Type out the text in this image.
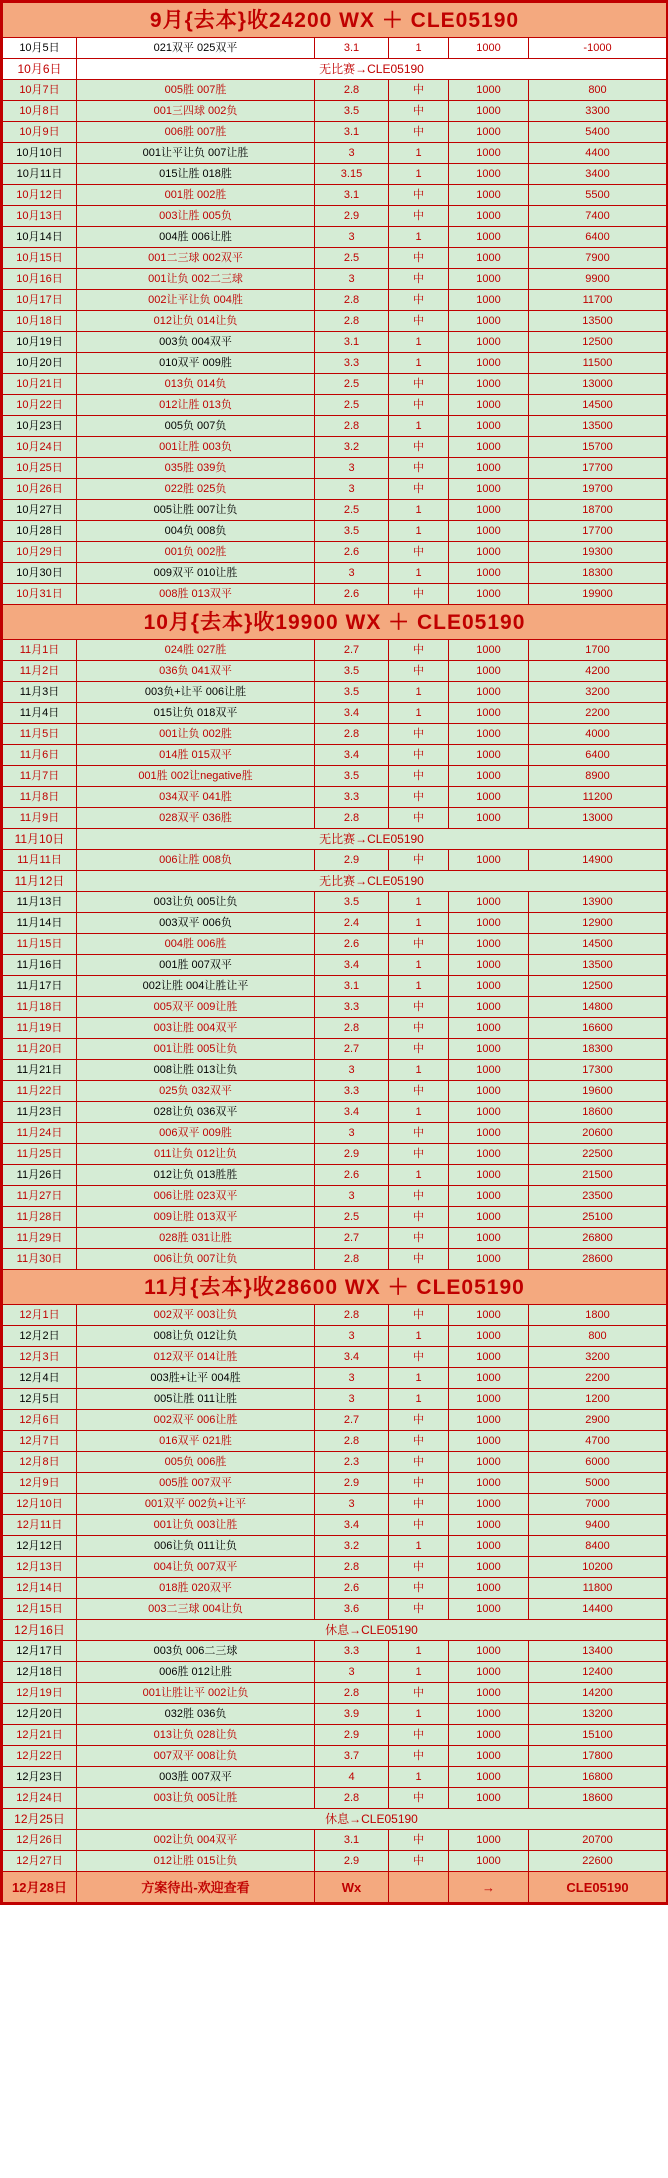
9月{去本}收24200 WX ＋ CLE05190					
10月5日	021双平 025双平	3.1	1	1000	-1000
10月6日	无比赛→CLE05190				
10月7日	005胜 007胜	2.8	中	1000	800
10月8日	001三四球 002负	3.5	中	1000	3300
10月9日	006胜 007胜	3.1	中	1000	5400
10月10日	001让平让负 007让胜	3	1	1000	4400
10月11日	015让胜 018胜	3.15	1	1000	3400
10月12日	001胜 002胜	3.1	中	1000	5500
10月13日	003让胜 005负	2.9	中	1000	7400
10月14日	004胜 006让胜	3	1	1000	6400
10月15日	001二三球 002双平	2.5	中	1000	7900
10月16日	001让负 002二三球	3	中	1000	9900
10月17日	002让平让负 004胜	2.8	中	1000	11700
10月18日	012让负 014让负	2.8	中	1000	13500
10月19日	003负 004双平	3.1	1	1000	12500
10月20日	010双平 009胜	3.3	1	1000	11500
10月21日	013负 014负	2.5	中	1000	13000
10月22日	012让胜 013负	2.5	中	1000	14500
10月23日	005负 007负	2.8	1	1000	13500
10月24日	001让胜 003负	3.2	中	1000	15700
10月25日	035胜 039负	3	中	1000	17700
10月26日	022胜 025负	3	中	1000	19700
10月27日	005让胜 007让负	2.5	1	1000	18700
10月28日	004负 008负	3.5	1	1000	17700
10月29日	001负 002胜	2.6	中	1000	19300
10月30日	009双平 010让胜	3	1	1000	18300
10月31日	008胜 013双平	2.6	中	1000	19900
10月{去本}收19900 WX ＋ CLE05190					
11月1日	024胜 027胜	2.7	中	1000	1700
11月2日	036负 041双平	3.5	中	1000	4200
11月3日	003负+让平 006让胜	3.5	1	1000	3200
11月4日	015让负 018双平	3.4	1	1000	2200
11月5日	001让负 002胜	2.8	中	1000	4000
11月6日	014胜 015双平	3.4	中	1000	6400
11月7日	001胜 002让negative胜	3.5	中	1000	8900
11月8日	034双平 041胜	3.3	中	1000	11200
11月9日	028双平 036胜	2.8	中	1000	13000
11月10日	无比赛→CLE05190				
11月11日	006让胜 008负	2.9	中	1000	14900
11月12日	无比赛→CLE05190				
11月13日	003让负 005让负	3.5	1	1000	13900
11月14日	003双平 006负	2.4	1	1000	12900
11月15日	004胜 006胜	2.6	中	1000	14500
11月16日	001胜 007双平	3.4	1	1000	13500
11月17日	002让胜 004让胜让平	3.1	1	1000	12500
11月18日	005双平 009让胜	3.3	中	1000	14800
11月19日	003让胜 004双平	2.8	中	1000	16600
11月20日	001让胜 005让负	2.7	中	1000	18300
11月21日	008让胜 013让负	3	1	1000	17300
11月22日	025负 032双平	3.3	中	1000	19600
11月23日	028让负 036双平	3.4	1	1000	18600
11月24日	006双平 009胜	3	中	1000	20600
11月25日	011让负 012让负	2.9	中	1000	22500
11月26日	012让负 013胜胜	2.6	1	1000	21500
11月27日	006让胜 023双平	3	中	1000	23500
11月28日	009让胜 013双平	2.5	中	1000	25100
11月29日	028胜 031让胜	2.7	中	1000	26800
11月30日	006让负 007让负	2.8	中	1000	28600
11月{去本}收28600 WX ＋ CLE05190					
12月1日	002双平 003让负	2.8	中	1000	1800
12月2日	008让负 012让负	3	1	1000	800
12月3日	012双平 014让胜	3.4	中	1000	3200
12月4日	003胜+让平 004胜	3	1	1000	2200
12月5日	005让胜 011让胜	3	1	1000	1200
12月6日	002双平 006让胜	2.7	中	1000	2900
12月7日	016双平 021胜	2.8	中	1000	4700
12月8日	005负 006胜	2.3	中	1000	6000
12月9日	005胜 007双平	2.9	中	1000	5000
12月10日	001双平 002负+让平	3	中	1000	7000
12月11日	001让负 003让胜	3.4	中	1000	9400
12月12日	006让负 011让负	3.2	1	1000	8400
12月13日	004让负 007双平	2.8	中	1000	10200
12月14日	018胜 020双平	2.6	中	1000	11800
12月15日	003二三球 004让负	3.6	中	1000	14400
12月16日	休息→CLE05190				
12月17日	003负 006二三球	3.3	1	1000	13400
12月18日	006胜 012让胜	3	1	1000	12400
12月19日	001让胜让平 002让负	2.8	中	1000	14200
12月20日	032胜 036负	3.9	1	1000	13200
12月21日	013让负 028让负	2.9	中	1000	15100
12月22日	007双平 008让负	3.7	中	1000	17800
12月23日	003胜 007双平	4	1	1000	16800
12月24日	003让负 005让胜	2.8	中	1000	18600
12月25日	休息→CLE05190				
12月26日	002让负 004双平	3.1	中	1000	20700
12月27日	012让胜 015让负	2.9	中	1000	22600
12月28日	方案待出-欢迎查看	Wx		→	CLE05190
